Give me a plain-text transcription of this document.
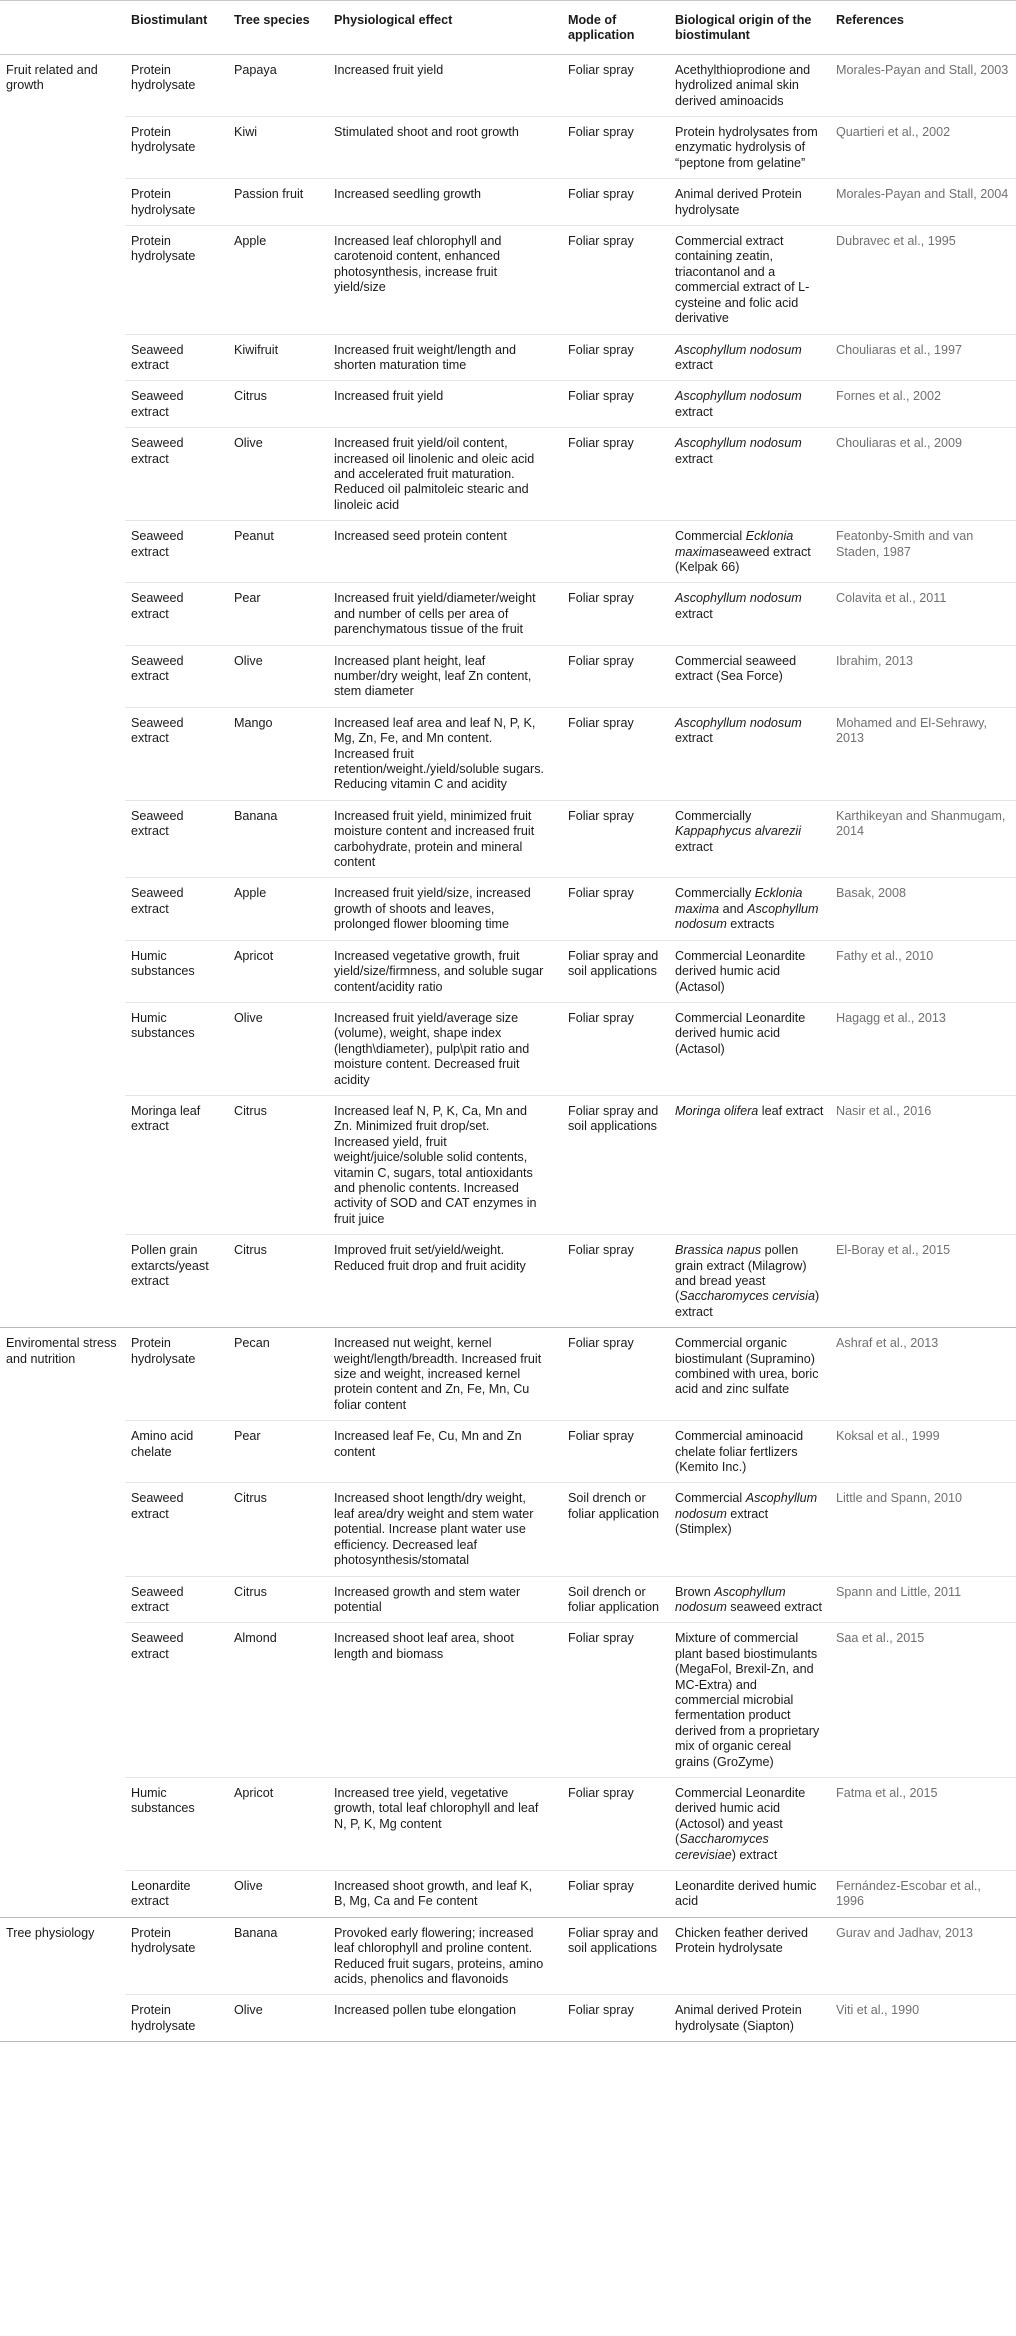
	Biostimulant	Tree species	Physiological effect	Mode of application	Biological origin of the biostimulant	References
Fruit related and growth	Protein hydrolysate	Papaya	Increased fruit yield	Foliar spray	Acethylthioprodione and hydrolized animal skin derived aminoacids	Morales-Payan and Stall, 2003
	Protein hydrolysate	Kiwi	Stimulated shoot and root growth	Foliar spray	Protein hydrolysates from enzymatic hydrolysis of “peptone from gelatine”	Quartieri et al., 2002
	Protein hydrolysate	Passion fruit	Increased seedling growth	Foliar spray	Animal derived Protein hydrolysate	Morales-Payan and Stall, 2004
	Protein hydrolysate	Apple	Increased leaf chlorophyll and carotenoid content, enhanced photosynthesis, increase fruit yield/size	Foliar spray	Commercial extract containing zeatin, triacontanol and a commercial extract of L-cysteine and folic acid derivative	Dubravec et al., 1995
	Seaweed extract	Kiwifruit	Increased fruit weight/length and shorten maturation time	Foliar spray	Ascophyllum nodosum extract	Chouliaras et al., 1997
	Seaweed extract	Citrus	Increased fruit yield	Foliar spray	Ascophyllum nodosum extract	Fornes et al., 2002
	Seaweed extract	Olive	Increased fruit yield/oil content, increased oil linolenic and oleic acid and accelerated fruit maturation. Reduced oil palmitoleic stearic and linoleic acid	Foliar spray	Ascophyllum nodosum extract	Chouliaras et al., 2009
	Seaweed extract	Peanut	Increased seed protein content		Commercial Ecklonia maximaseaweed extract (Kelpak 66)	Featonby-Smith and van Staden, 1987
	Seaweed extract	Pear	Increased fruit yield/diameter/weight and number of cells per area of parenchymatous tissue of the fruit	Foliar spray	Ascophyllum nodosum extract	Colavita et al., 2011
	Seaweed extract	Olive	Increased plant height, leaf number/dry weight, leaf Zn content, stem diameter	Foliar spray	Commercial seaweed extract (Sea Force)	Ibrahim, 2013
	Seaweed extract	Mango	Increased leaf area and leaf N, P, K, Mg, Zn, Fe, and Mn content. Increased fruit retention/weight./yield/soluble sugars. Reducing vitamin C and acidity	Foliar spray	Ascophyllum nodosum extract	Mohamed and El-Sehrawy, 2013
	Seaweed extract	Banana	Increased fruit yield, minimized fruit moisture content and increased fruit carbohydrate, protein and mineral content	Foliar spray	Commercially Kappaphycus alvarezii extract	Karthikeyan and Shanmugam, 2014
	Seaweed extract	Apple	Increased fruit yield/size, increased growth of shoots and leaves, prolonged flower blooming time	Foliar spray	Commercially Ecklonia maxima and Ascophyllum nodosum extracts	Basak, 2008
	Humic substances	Apricot	Increased vegetative growth, fruit yield/size/firmness, and soluble sugar content/acidity ratio	Foliar spray and soil applications	Commercial Leonardite derived humic acid (Actasol)	Fathy et al., 2010
	Humic substances	Olive	Increased fruit yield/average size (volume), weight, shape index (length\diameter), pulp\pit ratio and moisture content. Decreased fruit acidity	Foliar spray	Commercial Leonardite derived humic acid (Actasol)	Hagagg et al., 2013
	Moringa leaf extract	Citrus	Increased leaf N, P, K, Ca, Mn and Zn. Minimized fruit drop/set. Increased yield, fruit weight/juice/soluble solid contents, vitamin C, sugars, total antioxidants and phenolic contents. Increased activity of SOD and CAT enzymes in fruit juice	Foliar spray and soil applications	Moringa olifera leaf extract	Nasir et al., 2016
	Pollen grain extarcts/yeast extract	Citrus	Improved fruit set/yield/weight. Reduced fruit drop and fruit acidity	Foliar spray	Brassica napus pollen grain extract (Milagrow) and bread yeast (Saccharomyces cervisia) extract	El-Boray et al., 2015
Enviromental stress and nutrition	Protein hydrolysate	Pecan	Increased nut weight, kernel weight/length/breadth. Increased fruit size and weight, increased kernel protein content and Zn, Fe, Mn, Cu foliar content	Foliar spray	Commercial organic biostimulant (Supramino) combined with urea, boric acid and zinc sulfate	Ashraf et al., 2013
	Amino acid chelate	Pear	Increased leaf Fe, Cu, Mn and Zn content	Foliar spray	Commercial aminoacid chelate foliar fertlizers (Kemito Inc.)	Koksal et al., 1999
	Seaweed extract	Citrus	Increased shoot length/dry weight, leaf area/dry weight and stem water potential. Increase plant water use efficiency. Decreased leaf photosynthesis/stomatal	Soil drench or foliar application	Commercial Ascophyllum nodosum extract (Stimplex)	Little and Spann, 2010
	Seaweed extract	Citrus	Increased growth and stem water potential	Soil drench or foliar application	Brown Ascophyllum nodosum seaweed extract	Spann and Little, 2011
	Seaweed extract	Almond	Increased shoot leaf area, shoot length and biomass	Foliar spray	Mixture of commercial plant based biostimulants (MegaFol, Brexil-Zn, and MC-Extra) and commercial microbial fermentation product derived from a proprietary mix of organic cereal grains (GroZyme)	Saa et al., 2015
	Humic substances	Apricot	Increased tree yield, vegetative growth, total leaf chlorophyll and leaf N, P, K, Mg content	Foliar spray	Commercial Leonardite derived humic acid (Actosol) and yeast (Saccharomyces cerevisiae) extract	Fatma et al., 2015
	Leonardite extract	Olive	Increased shoot growth, and leaf K, B, Mg, Ca and Fe content	Foliar spray	Leonardite derived humic acid	Fernández-Escobar et al., 1996
Tree physiology	Protein hydrolysate	Banana	Provoked early flowering; increased leaf chlorophyll and proline content. Reduced fruit sugars, proteins, amino acids, phenolics and flavonoids	Foliar spray and soil applications	Chicken feather derived Protein hydrolysate	Gurav and Jadhav, 2013
	Protein hydrolysate	Olive	Increased pollen tube elongation	Foliar spray	Animal derived Protein hydrolysate (Siapton)	Viti et al., 1990
